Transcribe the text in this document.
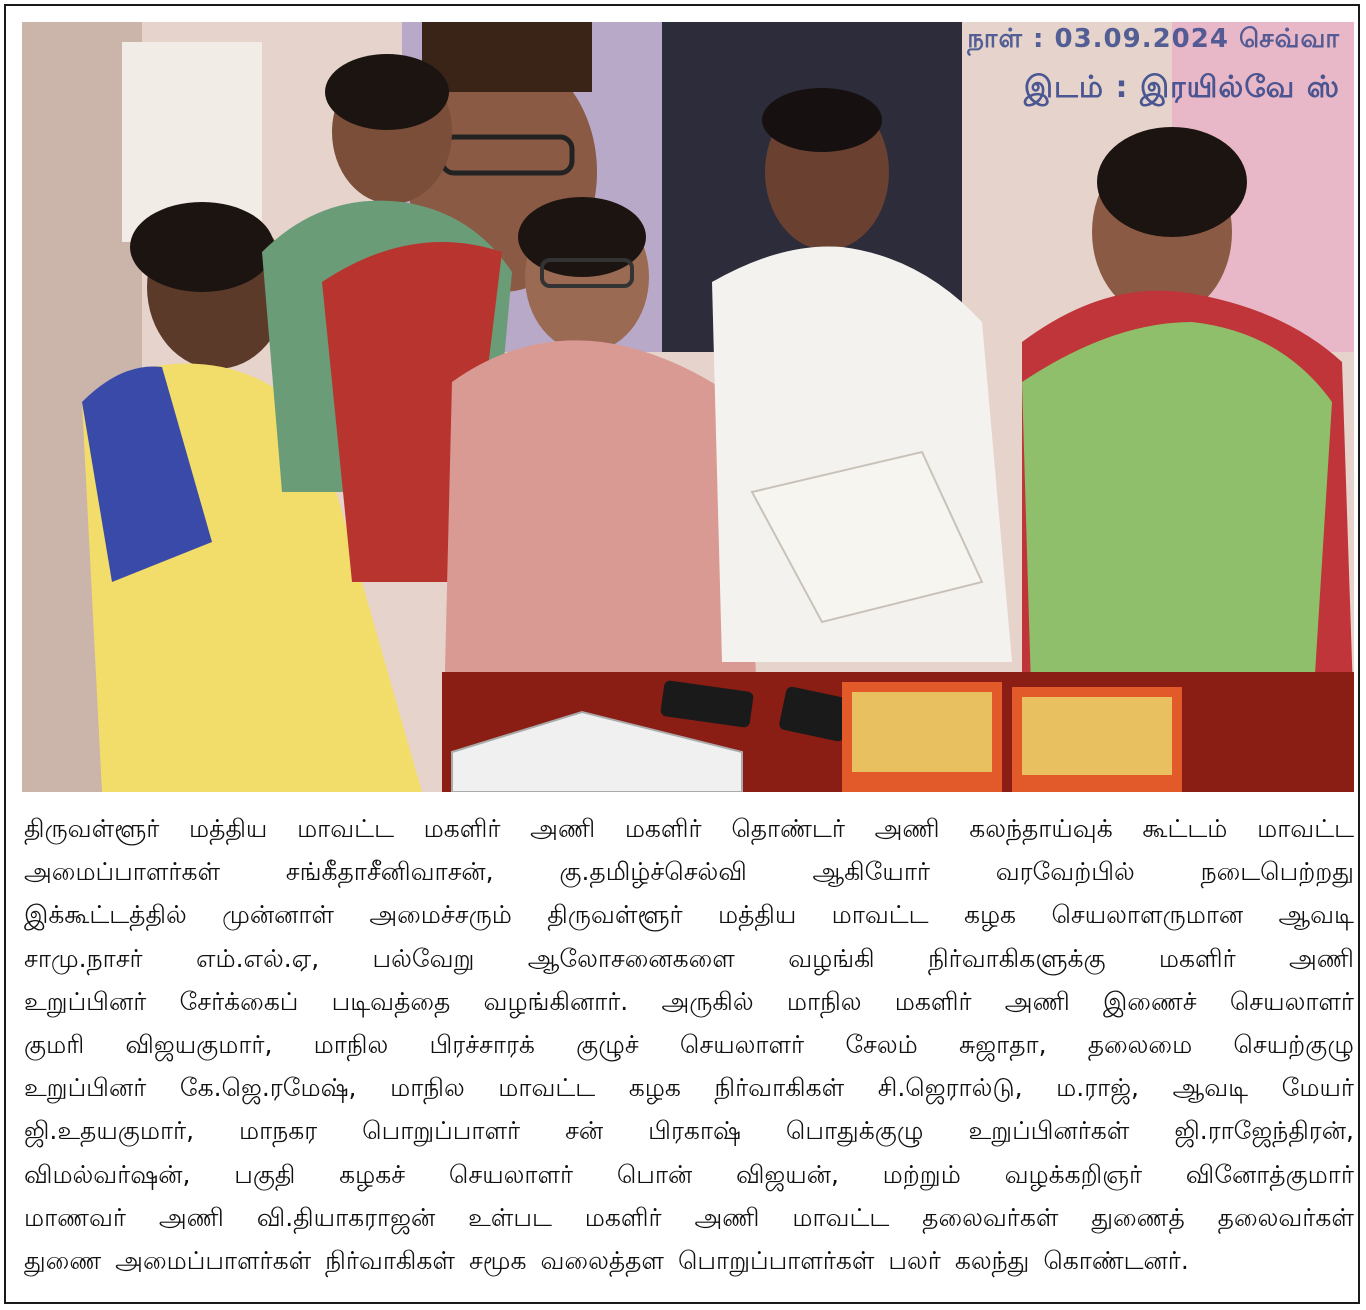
நாள் : 03.09.2024 செவ்வா
இடம் : இரயில்வே ஸ்
திருவள்ளூர் மத்திய மாவட்ட மகளிர் அணி மகளிர் தொண்டர் அணி கலந்தாய்வுக் கூட்டம் மாவட்ட
அமைப்பாளர்கள்	சங்கீதாசீனிவாசன்,	கு.தமிழ்ச்செல்வி	ஆகியோர்	வரவேற்பில்	நடைபெற்றது
இக்கூட்டத்தில் முன்னாள் அமைச்சரும் திருவள்ளூர் மத்திய மாவட்ட கழக செயலாளருமான ஆவடி
சாமு.நாசர் எம்.எல்.ஏ, பல்வேறு ஆலோசனைகளை வழங்கி நிர்வாகிகளுக்கு மகளிர் அணி
உறுப்பினர் சேர்க்கைப் படிவத்தை வழங்கினார். அருகில் மாநில மகளிர் அணி இணைச் செயலாளர்
குமரி விஜயகுமார், மாநில பிரச்சாரக் குழுச் செயலாளர் சேலம் சுஜாதா, தலைமை செயற்குழு
உறுப்பினர் கே.ஜெ.ரமேஷ், மாநில மாவட்ட கழக நிர்வாகிகள் சி.ஜெரால்டு, ம.ராஜ், ஆவடி மேயர்
ஜி.உதயகுமார், மாநகர பொறுப்பாளர் சன் பிரகாஷ் பொதுக்குழு உறுப்பினர்கள் ஜி.ராஜேந்திரன்,
விமல்வர்ஷன், பகுதி கழகச் செயலாளர் பொன் விஜயன், மற்றும் வழக்கறிஞர் வினோத்குமார்
மாணவர் அணி வி.தியாகராஜன் உள்பட மகளிர் அணி மாவட்ட தலைவர்கள் துணைத் தலைவர்கள்
துணை அமைப்பாளர்கள் நிர்வாகிகள் சமூக வலைத்தள பொறுப்பாளர்கள் பலர் கலந்து கொண்டனர்.
